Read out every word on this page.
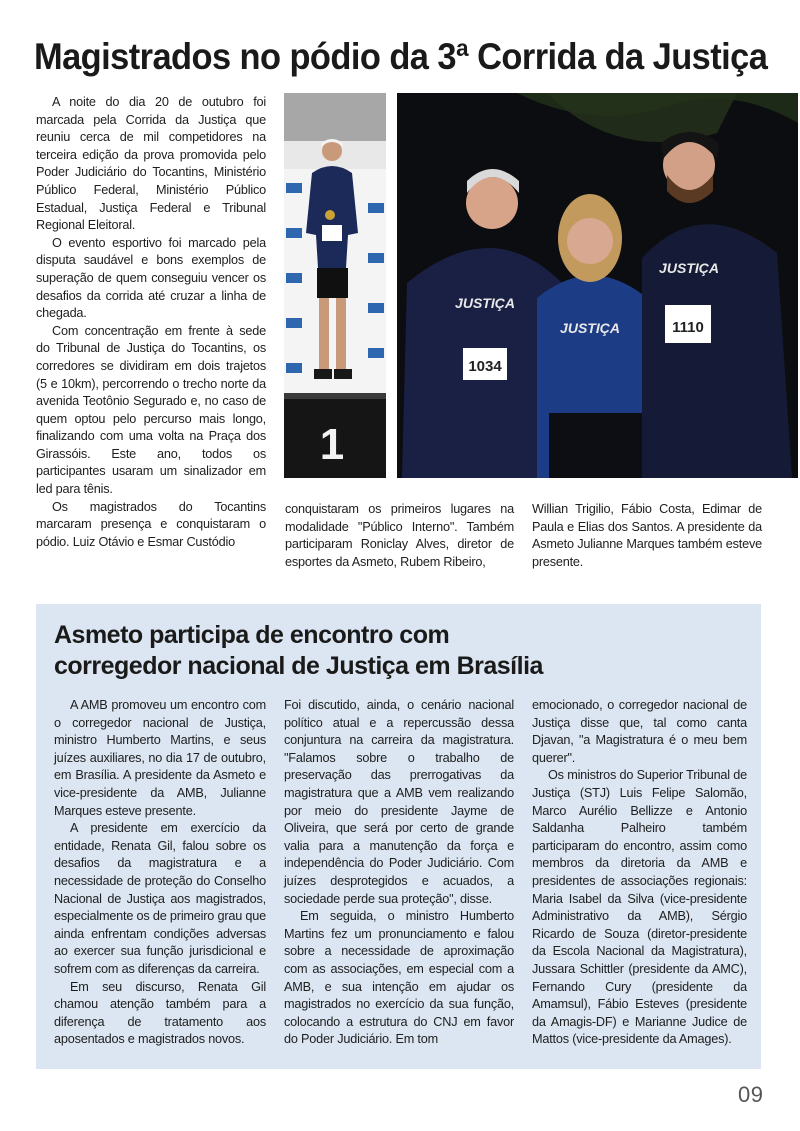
Magistrados no pódio da 3ª Corrida da Justiça

A noite do dia 20 de outubro foi marcada pela Corrida da Justiça que reuniu cerca de mil competidores na terceira edição da prova promovida pelo Poder Judiciário do Tocantins, Ministério Público Federal, Ministério Público Estadual, Justiça Federal e Tribunal Regional Eleitoral.

O evento esportivo foi marcado pela disputa saudável e bons exemplos de superação de quem conseguiu vencer os desafios da corrida até cruzar a linha de chegada.

Com concentração em frente à sede do Tribunal de Justiça do Tocantins, os corredores se dividiram em dois trajetos (5 e 10km), percorrendo o trecho norte da avenida Teotônio Segurado e, no caso de quem optou pelo percurso mais longo, finalizando com uma volta na Praça dos Girassóis. Este ano, todos os participantes usaram um sinalizador em led para tênis.

Os magistrados do Tocantins marcaram presença e conquistaram o pódio. Luiz Otávio e Esmar Custódio

1
1034
JUSTIÇA
JUSTIÇA	1110
JUSTIÇA

conquistaram os primeiros lugares na modalidade "Público Interno". Também participaram Roniclay Alves, diretor de esportes da Asmeto, Rubem Ribeiro,

Willian Trigilio, Fábio Costa, Edimar de Paula e Elias dos Santos. A presidente da Asmeto Julianne Marques também esteve presente.

Asmeto participa de encontro com
corregedor nacional de Justiça em Brasília

A AMB promoveu um encontro com o corregedor nacional de Justiça, ministro Humberto Martins, e seus juízes auxiliares, no dia 17 de outubro, em Brasília. A presidente da Asmeto e vice-presidente da AMB, Julianne Marques esteve presente.

A presidente em exercício da entidade, Renata Gil, falou sobre os desafios da magistratura e a necessidade de proteção do Conselho Nacional de Justiça aos magistrados, especialmente os de primeiro grau que ainda enfrentam condições adversas ao exercer sua função jurisdicional e sofrem com as diferenças da carreira.

Em seu discurso, Renata Gil chamou atenção também para a diferença de tratamento aos aposentados e magistrados novos.

Foi discutido, ainda, o cenário nacional político atual e a repercussão dessa conjuntura na carreira da magistratura. "Falamos sobre o trabalho de preservação das prerrogativas da magistratura que a AMB vem realizando por meio do presidente Jayme de Oliveira, que será por certo de grande valia para a manutenção da força e independência do Poder Judiciário. Com juízes desprotegidos e acuados, a sociedade perde sua proteção", disse.

Em seguida, o ministro Humberto Martins fez um pronunciamento e falou sobre a necessidade de aproximação com as associações, em especial com a AMB, e sua intenção em ajudar os magistrados no exercício da sua função, colocando a estrutura do CNJ em favor do Poder Judiciário. Em tom

emocionado, o corregedor nacional de Justiça disse que, tal como canta Djavan, "a Magistratura é o meu bem querer".

Os ministros do Superior Tribunal de Justiça (STJ) Luis Felipe Salomão, Marco Aurélio Bellizze e Antonio Saldanha Palheiro também participaram do encontro, assim como membros da diretoria da AMB e presidentes de associações regionais: Maria Isabel da Silva (vice-presidente Administrativo da AMB), Sérgio Ricardo de Souza (diretor-presidente da Escola Nacional da Magistratura), Jussara Schittler (presidente da AMC), Fernando Cury (presidente da Amamsul), Fábio Esteves (presidente da Amagis-DF) e Marianne Judice de Mattos (vice-presidente da Amages).

09
